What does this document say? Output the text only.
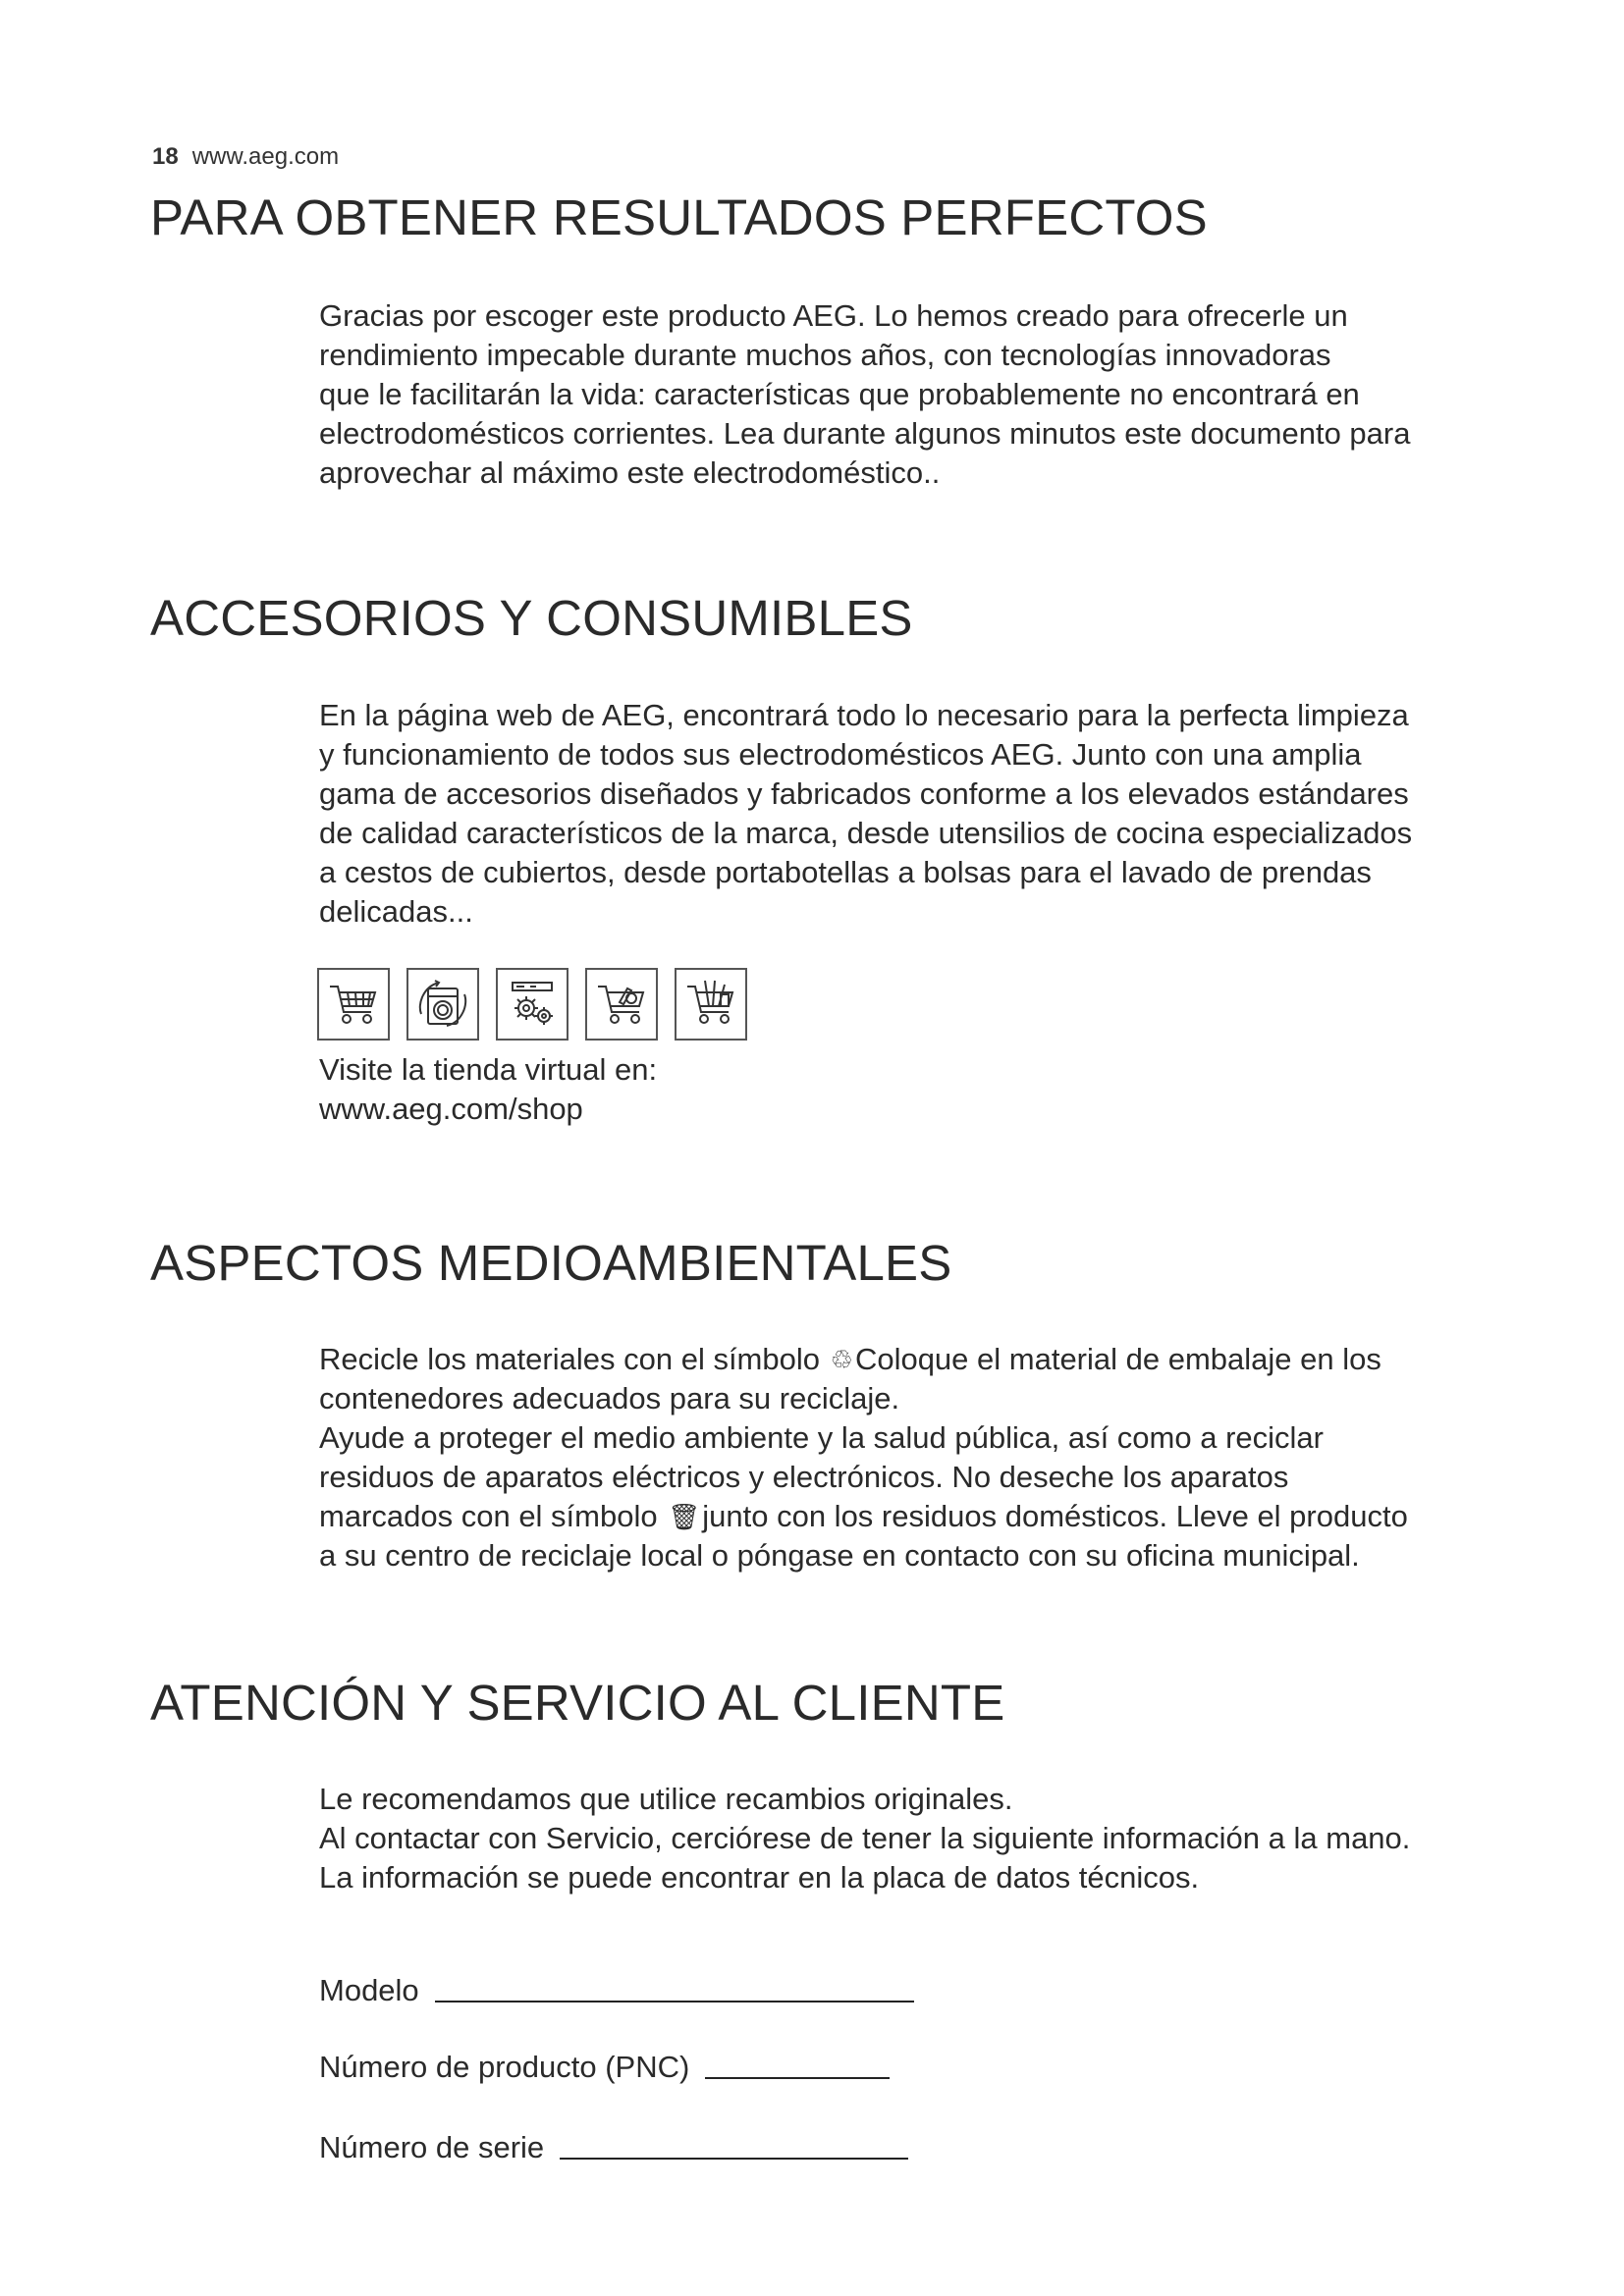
18 www.aeg.com
PARA OBTENER RESULTADOS PERFECTOS
Gracias por escoger este producto AEG. Lo hemos creado para ofrecerle un
rendimiento impecable durante muchos años, con tecnologías innovadoras
que le facilitarán la vida: características que probablemente no encontrará en
electrodomésticos corrientes. Lea durante algunos minutos este documento para
aprovechar al máximo este electrodoméstico..
ACCESORIOS Y CONSUMIBLES
En la página web de AEG, encontrará todo lo necesario para la perfecta limpieza
y funcionamiento de todos sus electrodomésticos AEG. Junto con una amplia
gama de accesorios diseñados y fabricados conforme a los elevados estándares
de calidad característicos de la marca, desde utensilios de cocina especializados
a cestos de cubiertos, desde portabotellas a bolsas para el lavado de prendas
delicadas...
Visite la tienda virtual en:
www.aeg.com/shop
ASPECTOS MEDIOAMBIENTALES
Recicle los materiales con el símbolo ♲Coloque el material de embalaje en los
contenedores adecuados para su reciclaje.
Ayude a proteger el medio ambiente y la salud pública, así como a reciclar
residuos de aparatos eléctricos y electrónicos. No deseche los aparatos
marcados con el símbolo 🗑junto con los residuos domésticos. Lleve el producto
a su centro de reciclaje local o póngase en contacto con su oficina municipal.
ATENCIÓN Y SERVICIO AL CLIENTE
Le recomendamos que utilice recambios originales.
Al contactar con Servicio, cerciórese de tener la siguiente información a la mano.
La información se puede encontrar en la placa de datos técnicos.
Modelo
Número de producto (PNC)
Número de serie
